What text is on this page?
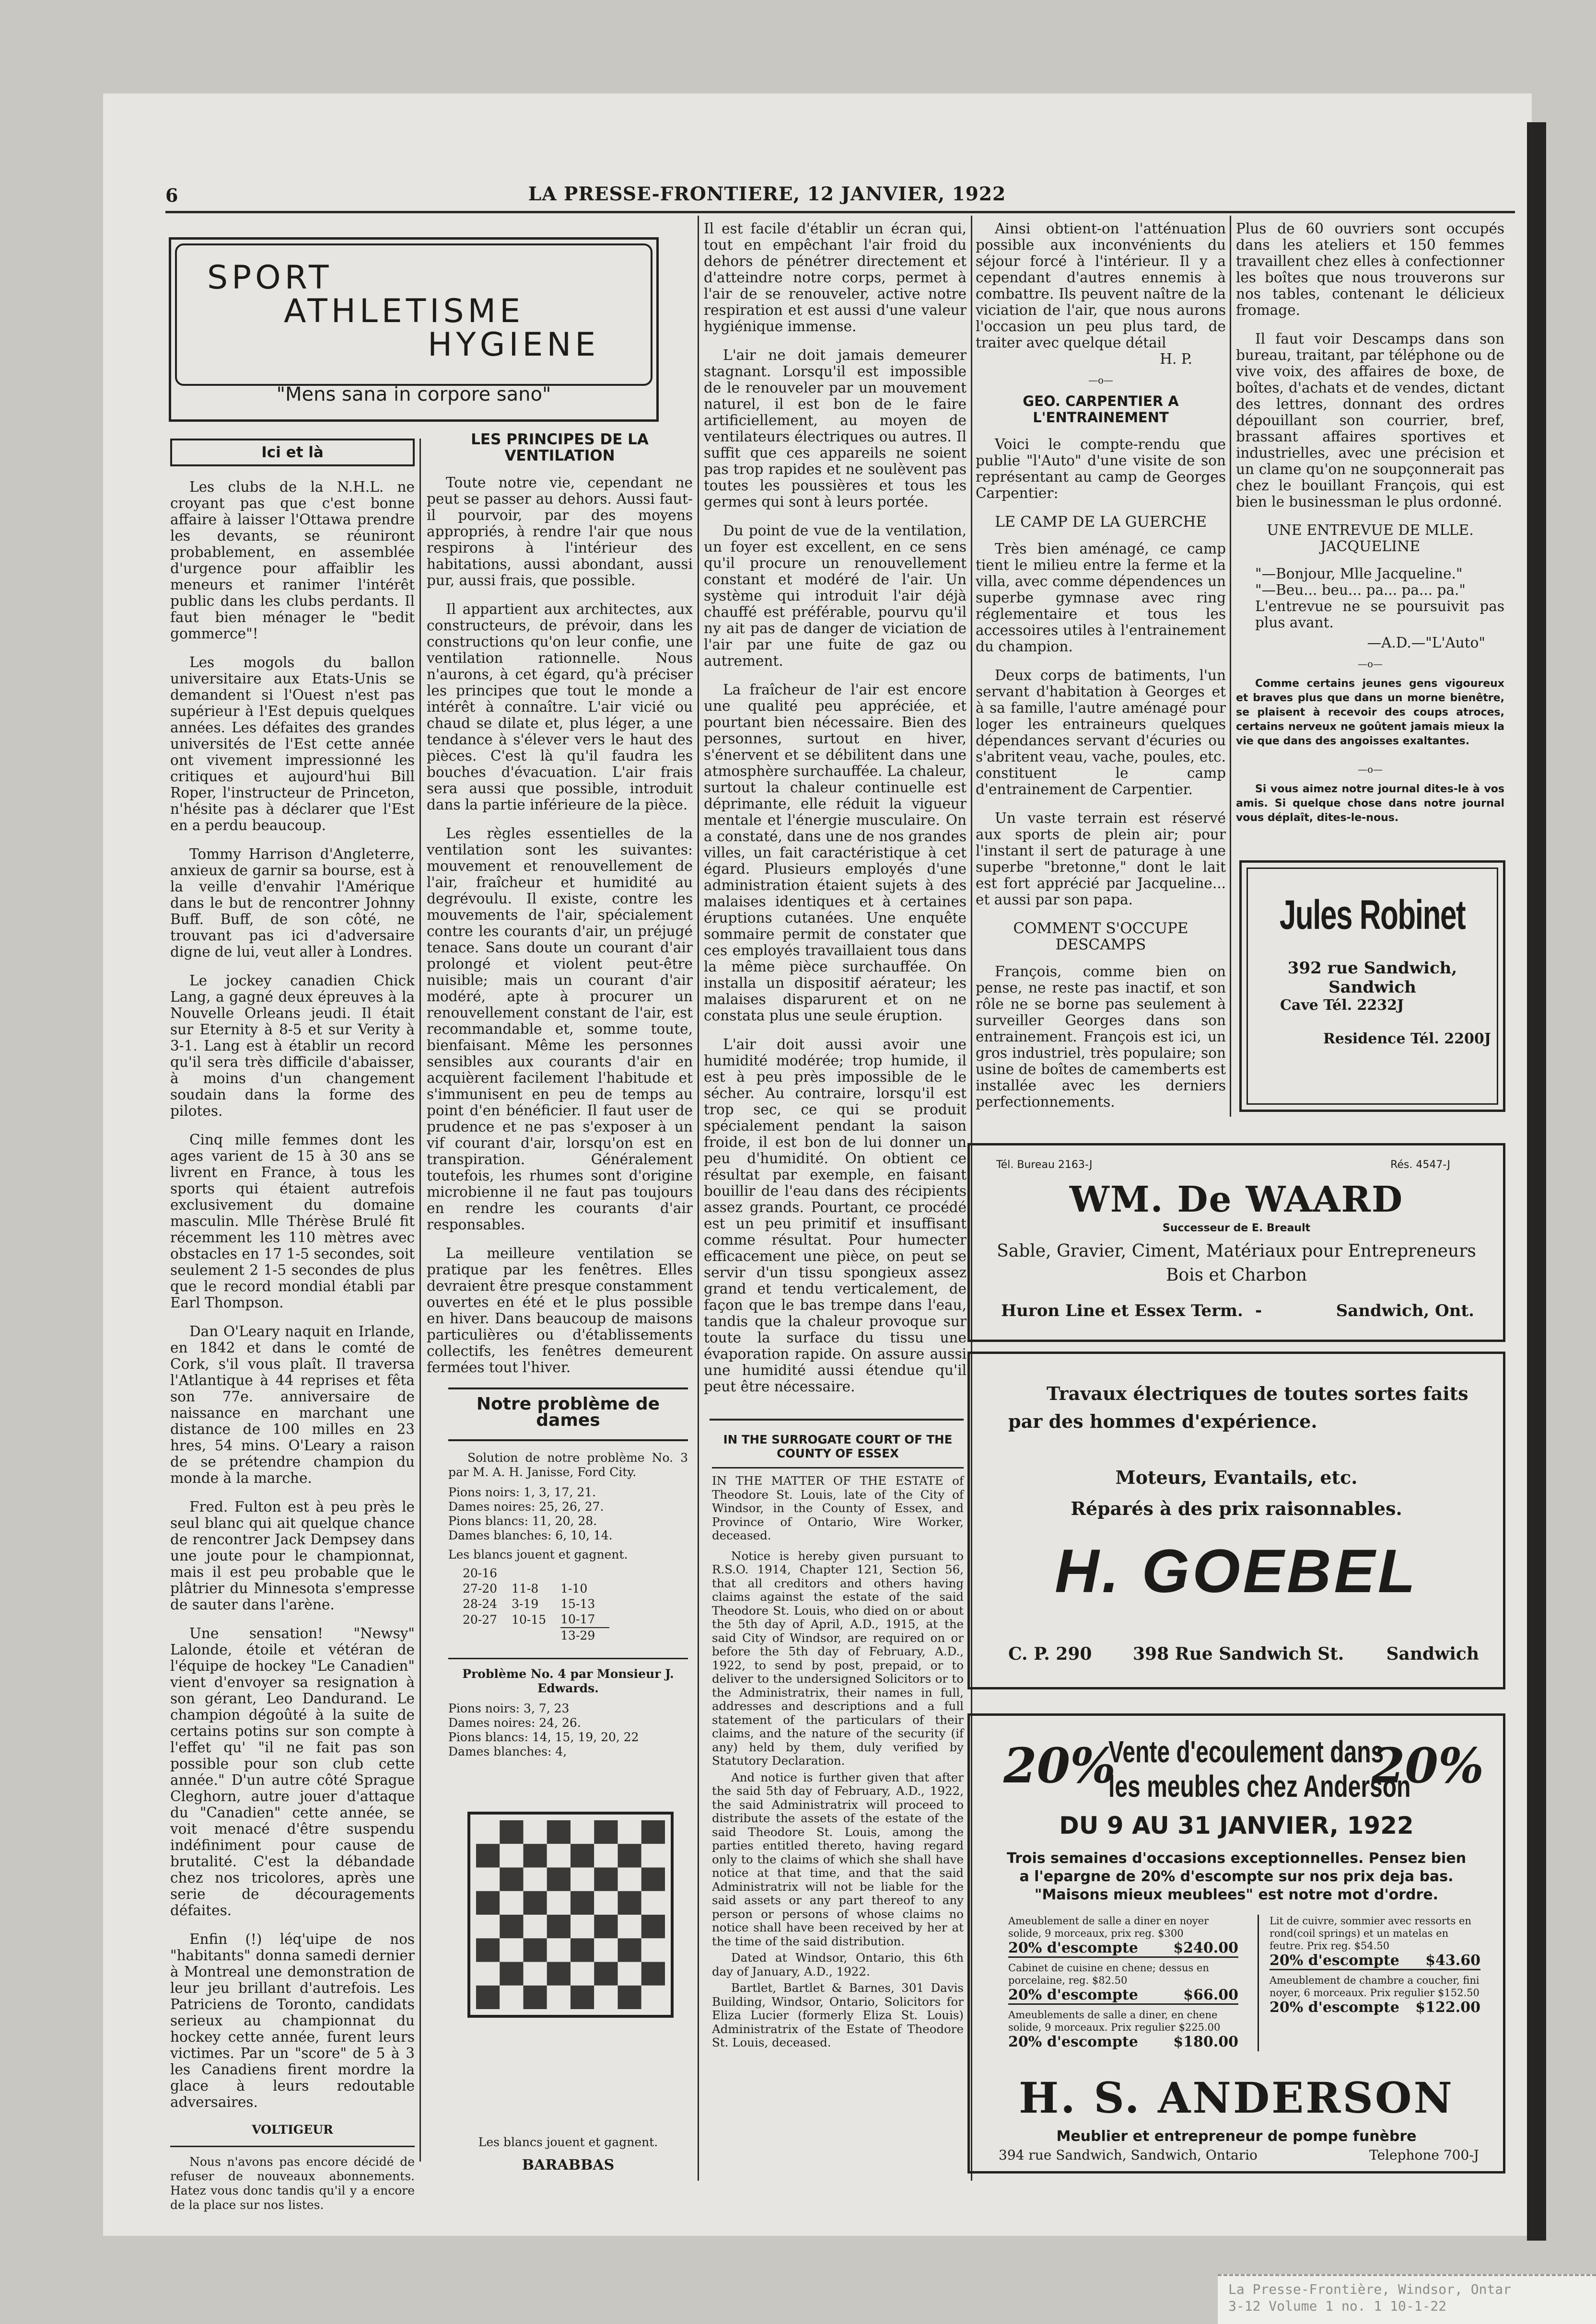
6	LA PRESSE-FRONTIERE, 12 JANVIER, 1922
SPORT
ATHLETISME
HYGIENE
"Mens sana in corpore sano"
Ici et là

Les clubs de la N.H.L. ne croyant pas que c'est bonne affaire à laisser l'Ottawa prendre les devants, se réuniront probablement, en assemblée d'urgence pour affaiblir les meneurs et ranimer l'intérêt public dans les clubs perdants. Il faut bien ménager le "bedit gommerce"!

Les mogols du ballon universitaire aux Etats-Unis se demandent si l'Ouest n'est pas supérieur à l'Est depuis quelques années. Les défaites des grandes universités de l'Est cette année ont vivement impressionné les critiques et aujourd'hui Bill Roper, l'instructeur de Princeton, n'hésite pas à déclarer que l'Est en a perdu beaucoup.

Tommy Harrison d'Angleterre, anxieux de garnir sa bourse, est à la veille d'envahir l'Amérique dans le but de rencontrer Johnny Buff. Buff, de son côté, ne trouvant pas ici d'adversaire digne de lui, veut aller à Londres.

Le jockey canadien Chick Lang, a gagné deux épreuves à la Nouvelle Orleans jeudi. Il était sur Eternity à 8-5 et sur Verity à 3-1. Lang est à établir un record qu'il sera très difficile d'abaisser, à moins d'un changement soudain dans la forme des pilotes.

Cinq mille femmes dont les ages varient de 15 à 30 ans se livrent en France, à tous les sports qui étaient autrefois exclusivement du domaine masculin. Mlle Thérèse Brulé fit récemment les 110 mètres avec obstacles en 17 1-5 secondes, soit seulement 2 1-5 secondes de plus que le record mondial établi par Earl Thompson.

Dan O'Leary naquit en Irlande, en 1842 et dans le comté de Cork, s'il vous plaît. Il traversa l'Atlantique à 44 reprises et fêta son 77e. anniversaire de naissance en marchant une distance de 100 milles en 23 hres, 54 mins. O'Leary a raison de se prétendre champion du monde à la marche.

Fred. Fulton est à peu près le seul blanc qui ait quelque chance de rencontrer Jack Dempsey dans une joute pour le championnat, mais il est peu probable que le plâtrier du Minnesota s'empresse de sauter dans l'arène.

Une sensation! "Newsy" Lalonde, étoile et vétéran de l'équipe de hockey "Le Canadien" vient d'envoyer sa resignation à son gérant, Leo Dandurand. Le champion dégoûté à la suite de certains potins sur son compte à l'effet qu' "il ne fait pas son possible pour son club cette année." D'un autre côté Sprague Cleghorn, autre jouer d'attaque du "Canadien" cette année, se voit menacé d'être suspendu indéfiniment pour cause de brutalité. C'est la débandade chez nos tricolores, après une serie de découragements défaites.

Enfin (!) léq'uipe de nos "habitants" donna samedi dernier à Montreal une demonstration de leur jeu brillant d'autrefois. Les Patriciens de Toronto, candidats serieux au championnat du hockey cette année, furent leurs victimes. Par un "score" de 5 à 3 les Canadiens firent mordre la glace à leurs redoutable adversaires.

VOLTIGEUR

Nous n'avons pas encore décidé de refuser de nouveaux abonnements. Hatez vous donc tandis qu'il y a encore de la place sur nos listes.

LES PRINCIPES DE LA VENTILATION

Toute notre vie, cependant ne peut se passer au dehors. Aussi faut-il pourvoir, par des moyens appropriés, à rendre l'air que nous respirons à l'intérieur des habitations, aussi abondant, aussi pur, aussi frais, que possible.

Il appartient aux architectes, aux constructeurs, de prévoir, dans les constructions qu'on leur confie, une ventilation rationnelle. Nous n'aurons, à cet égard, qu'à préciser les principes que tout le monde a intérêt à connaître. L'air vicié ou chaud se dilate et, plus léger, a une tendance à s'élever vers le haut des pièces. C'est là qu'il faudra les bouches d'évacuation. L'air frais sera aussi que possible, introduit dans la partie inférieure de la pièce.

Les règles essentielles de la ventilation sont les suivantes: mouvement et renouvellement de l'air, fraîcheur et humidité au degrévoulu. Il existe, contre les mouvements de l'air, spécialement contre les courants d'air, un préjugé tenace. Sans doute un courant d'air prolongé et violent peut-être nuisible; mais un courant d'air modéré, apte à procurer un renouvellement constant de l'air, est recommandable et, somme toute, bienfaisant. Même les personnes sensibles aux courants d'air en acquièrent facilement l'habitude et s'immunisent en peu de temps au point d'en bénéficier. Il faut user de prudence et ne pas s'exposer à un vif courant d'air, lorsqu'on est en transpiration. Généralement toutefois, les rhumes sont d'origine microbienne il ne faut pas toujours en rendre les courants d'air responsables.

La meilleure ventilation se pratique par les fenêtres. Elles devraient être presque constamment ouvertes en été et le plus possible en hiver. Dans beaucoup de maisons particulières ou d'établissements collectifs, les fenêtres demeurent fermées tout l'hiver.

Notre problème de dames

Solution de notre problème No. 3 par M. A. H. Janisse, Ford City.

Pions noirs: 1, 3, 17, 21.
Dames noires: 25, 26, 27.
Pions blancs: 11, 20, 28.
Dames blanches: 6, 10, 14.
Les blancs jouent et gagnent.
20-16		
27-20	11-8	1-10
28-24	3-19	15-13
20-27	10-15	10-17
		13-29
Problème No. 4 par Monsieur J. Edwards.
Pions noirs: 3, 7, 23
Dames noires: 24, 26.
Pions blancs: 14, 15, 19, 20, 22
Dames blanches: 4,
Les blancs jouent et gagnent.
BARABBAS

Il est facile d'établir un écran qui, tout en empêchant l'air froid du dehors de pénétrer directement et d'atteindre notre corps, permet à l'air de se renouveler, active notre respiration et est aussi d'une valeur hygiénique immense.

L'air ne doit jamais demeurer stagnant. Lorsqu'il est impossible de le renouveler par un mouvement naturel, il est bon de le faire artificiellement, au moyen de ventilateurs électriques ou autres. Il suffit que ces appareils ne soient pas trop rapides et ne soulèvent pas toutes les poussières et tous les germes qui sont à leurs portée.

Du point de vue de la ventilation, un foyer est excellent, en ce sens qu'il procure un renouvellement constant et modéré de l'air. Un système qui introduit l'air déjà chauffé est préférable, pourvu qu'il ny ait pas de danger de viciation de l'air par une fuite de gaz ou autrement.

La fraîcheur de l'air est encore une qualité peu appréciée, et pourtant bien nécessaire. Bien des personnes, surtout en hiver, s'énervent et se débilitent dans une atmosphère surchauffée. La chaleur, surtout la chaleur continuelle est déprimante, elle réduit la vigueur mentale et l'énergie musculaire. On a constaté, dans une de nos grandes villes, un fait caractéristique à cet égard. Plusieurs employés d'une administration étaient sujets à des malaises identiques et à certaines éruptions cutanées. Une enquête sommaire permit de constater que ces employés travaillaient tous dans la même pièce surchauffée. On installa un dispositif aérateur; les malaises disparurent et on ne constata plus une seule éruption.

L'air doit aussi avoir une humidité modérée; trop humide, il est à peu près impossible de le sécher. Au contraire, lorsqu'il est trop sec, ce qui se produit spécialement pendant la saison froide, il est bon de lui donner un peu d'humidité. On obtient ce résultat par exemple, en faisant bouillir de l'eau dans des récipients assez grands. Pourtant, ce procédé est un peu primitif et insuffisant comme résultat. Pour humecter efficacement une pièce, on peut se servir d'un tissu spongieux assez grand et tendu verticalement, de façon que le bas trempe dans l'eau, tandis que la chaleur provoque sur toute la surface du tissu une évaporation rapide. On assure aussi une humidité aussi étendue qu'il peut être nécessaire.

IN THE SURROGATE COURT OF THE COUNTY OF ESSEX

IN THE MATTER OF THE ESTATE of Theodore St. Louis, late of the City of Windsor, in the County of Essex, and Province of Ontario, Wire Worker, deceased.

Notice is hereby given pursuant to R.S.O. 1914, Chapter 121, Section 56, that all creditors and others having claims against the estate of the said Theodore St. Louis, who died on or about the 5th day of April, A.D., 1915, at the said City of Windsor, are required on or before the 5th day of February, A.D., 1922, to send by post, prepaid, or to deliver to the undersigned Solicitors or to the Administratrix, their names in full, addresses and descriptions and a full statement of the particulars of their claims, and the nature of the security (if any) held by them, duly verified by Statutory Declaration.

And notice is further given that after the said 5th day of February, A.D., 1922, the said Administratrix will proceed to distribute the assets of the estate of the said Theodore St. Louis, among the parties entitled thereto, having regard only to the claims of which she shall have notice at that time, and that the said Administratrix will not be liable for the said assets or any part thereof to any person or persons of whose claims no notice shall have been received by her at the time of the said distribution.

Dated at Windsor, Ontario, this 6th day of January, A.D., 1922.

Bartlet, Bartlet & Barnes, 301 Davis Building, Windsor, Ontario, Solicitors for Eliza Lucier (formerly Eliza St. Louis) Administratrix of the Estate of Theodore St. Louis, deceased.

Ainsi obtient-on l'atténuation possible aux inconvénients du séjour forcé à l'intérieur. Il y a cependant d'autres ennemis à combattre. Ils peuvent naître de la viciation de l'air, que nous aurons l'occasion un peu plus tard, de traiter avec quelque détail

H. P.
—o—
GEO. CARPENTIER A L'ENTRAINEMENT

Voici le compte-rendu que publie "l'Auto" d'une visite de son représentant au camp de Georges Carpentier:

LE CAMP DE LA GUERCHE

Très bien aménagé, ce camp tient le milieu entre la ferme et la villa, avec comme dépendences un superbe gymnase avec ring réglementaire et tous les accessoires utiles à l'entrainement du champion.

Deux corps de batiments, l'un servant d'habitation à Georges et à sa famille, l'autre aménagé pour loger les entraineurs quelques dépendances servant d'écuries ou s'abritent veau, vache, poules, etc. constituent le camp d'entrainement de Carpentier.

Un vaste terrain est réservé aux sports de plein air; pour l'instant il sert de paturage à une superbe "bretonne," dont le lait est fort apprécié par Jacqueline... et aussi par son papa.

COMMENT S'OCCUPE DESCAMPS

François, comme bien on pense, ne reste pas inactif, et son rôle ne se borne pas seulement à surveiller Georges dans son entrainement. François est ici, un gros industriel, très populaire; son usine de boîtes de camemberts est installée avec les derniers perfectionnements.

Plus de 60 ouvriers sont occupés dans les ateliers et 150 femmes travaillent chez elles à confectionner les boîtes que nous trouverons sur nos tables, contenant le délicieux fromage.

Il faut voir Descamps dans son bureau, traitant, par téléphone ou de vive voix, des affaires de boxe, de boîtes, d'achats et de vendes, dictant des lettres, donnant des ordres dépouillant son courrier, bref, brassant affaires sportives et industrielles, avec une précision et un clame qu'on ne soupçonnerait pas chez le bouillant François, qui est bien le businessman le plus ordonné.

UNE ENTREVUE DE MLLE. JACQUELINE
"—Bonjour, Mlle Jacqueline."
"—Beu... beu... pa... pa... pa."
L'entrevue ne se poursuivit pas plus avant.
—A.D.—"L'Auto"
—o—

Comme certains jeunes gens vigoureux et braves plus que dans un morne bienêtre, se plaisent à recevoir des coups atroces, certains nerveux ne goûtent jamais mieux la vie que dans des angoisses exaltantes.

—o—

Si vous aimez notre journal dites-le à vos amis. Si quelque chose dans notre journal vous déplaît, dites-le-nous.

Jules Robinet
392 rue Sandwich, Sandwich
Cave Tél. 2232J
Residence Tél. 2200J
Tél. Bureau 2163-J	Rés. 4547-J
WM. De WAARD
Successeur de E. Breault
Sable, Gravier, Ciment, Matériaux pour Entrepreneurs
Bois et Charbon
Huron Line et Essex Term. -	Sandwich, Ont.
Travaux électriques de toutes sortes faits
par des hommes d'expérience.
Moteurs, Evantails, etc.
Réparés à des prix raisonnables.
H. GOEBEL
C. P. 290 398 Rue Sandwich St. Sandwich
20%	20%
Vente d'ecoulement dans
les meubles chez Anderson
DU 9 AU 31 JANVIER, 1922
Trois semaines d'occasions exceptionnelles. Pensez bien
a l'epargne de 20% d'escompte sur nos prix deja bas.
"Maisons mieux meublees" est notre mot d'ordre.
Ameublement de salle a diner en noyer solide, 9 morceaux, prix reg. $300
20% d'escompte $240.00
Cabinet de cuisine en chene; dessus en porcelaine, reg. $82.50
20% d'escompte	$66.00
Ameublements de salle a diner, en chene solide, 9 morceaux. Prix regulier $225.00
20% d'escompte $180.00
Lit de cuivre, sommier avec ressorts en rond(coil springs) et un matelas en feutre. Prix reg. $54.50
20% d'escompte $43.60
Ameublement de chambre a coucher, fini noyer, 6 morceaux. Prix regulier $152.50
20% d'escompte $122.00
H. S. ANDERSON
Meublier et entrepreneur de pompe funèbre
394 rue Sandwich, Sandwich, Ontario	Telephone 700-J
La Presse-Frontière, Windsor, Ontar
3-12 Volume 1 no. 1 10-1-22
